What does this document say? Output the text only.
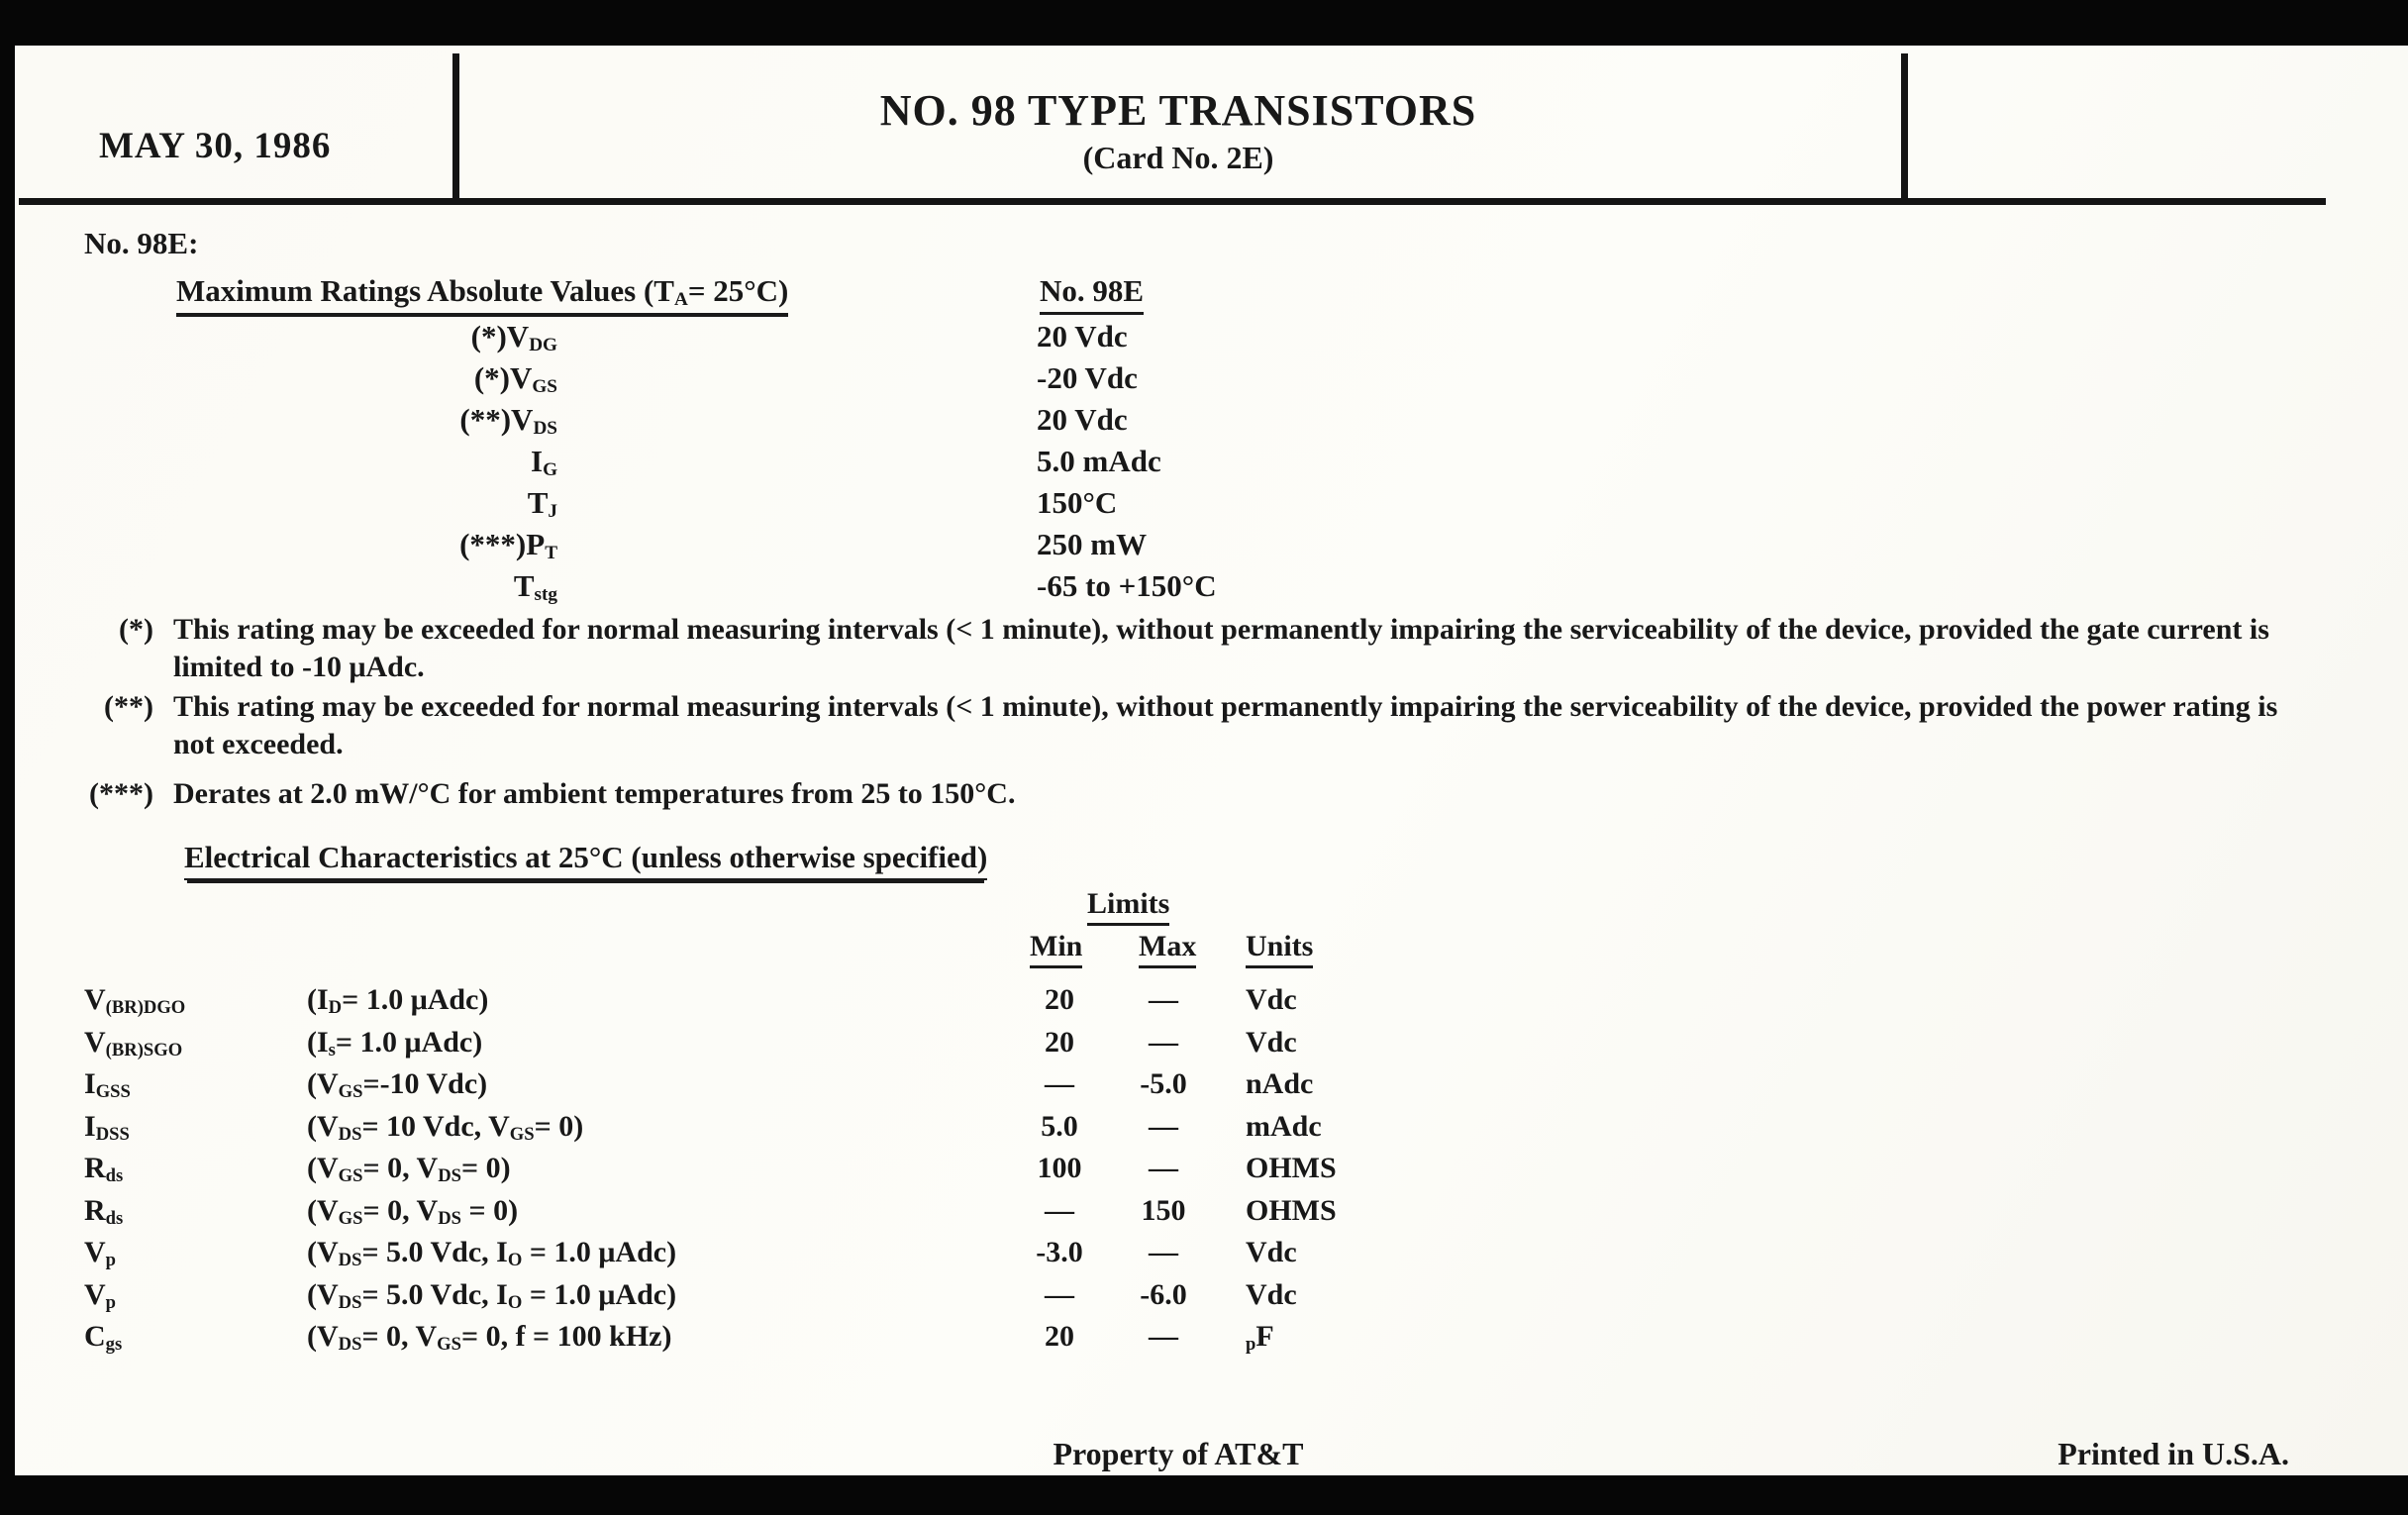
MAY 30, 1986
NO. 98 TYPE TRANSISTORS
(Card No. 2E)
No. 98E:
Maximum Ratings Absolute Values $(T_A= 25^\circ C)$	No. 98E
$(*)V_{DG}$	20 Vdc
$(*)V_{GS}$	-20 Vdc
$(**)V_{DS}$	20 Vdc
$I_G$	5.0 mAdc
$T_J$	150°C
$(***)P_T$	250 mW
$T_{stg}$	-65 to +150°C
(*) This rating may be exceeded for normal measuring intervals (< 1 minute), without permanently impairing the serviceability of the device, provided the gate current is limited to -10 μAdc.
(**) This rating may be exceeded for normal measuring intervals (< 1 minute), without permanently impairing the serviceability of the device, provided the power rating is not exceeded.
(***) Derates at 2.0 mW/°C for ambient temperatures from 25 to 150°C.
Electrical Characteristics at 25°C (unless otherwise specified)
Limits
Min Max Units
$V_{(BR)DGO}$	($I_D= 1.0$ μAdc)	20	—	Vdc
$V_{(BR)SGO}$	($I_s= 1.0$ μAdc)	20	—	Vdc
$I_{GSS}$	($V_{GS}=-10$ Vdc)	—	-5.0	nAdc
$I_{DSS}$	($V_{DS}= 10$ Vdc, $V_{GS}= 0$)	5.0	—	mAdc
$R_{ds}$	($V_{GS}= 0$, $V_{DS}= 0$)	100	—	OHMS
$R_{ds}$	($V_{GS}= 0$, $V_{DS} = 0$)	—	150	OHMS
$V_p$	($V_{DS}= 5.0$ Vdc, $I_O = 1.0$ μAdc)	-3.0	—	Vdc
$V_p$	($V_{DS}= 5.0$ Vdc, $I_O = 1.0$ μAdc)	—	-6.0	Vdc
$C_{gs}$	($V_{DS}= 0$, $V_{GS}= 0$, f = 100 kHz)	20	—	$_p$F
Property of AT&T	Printed in U.S.A.
